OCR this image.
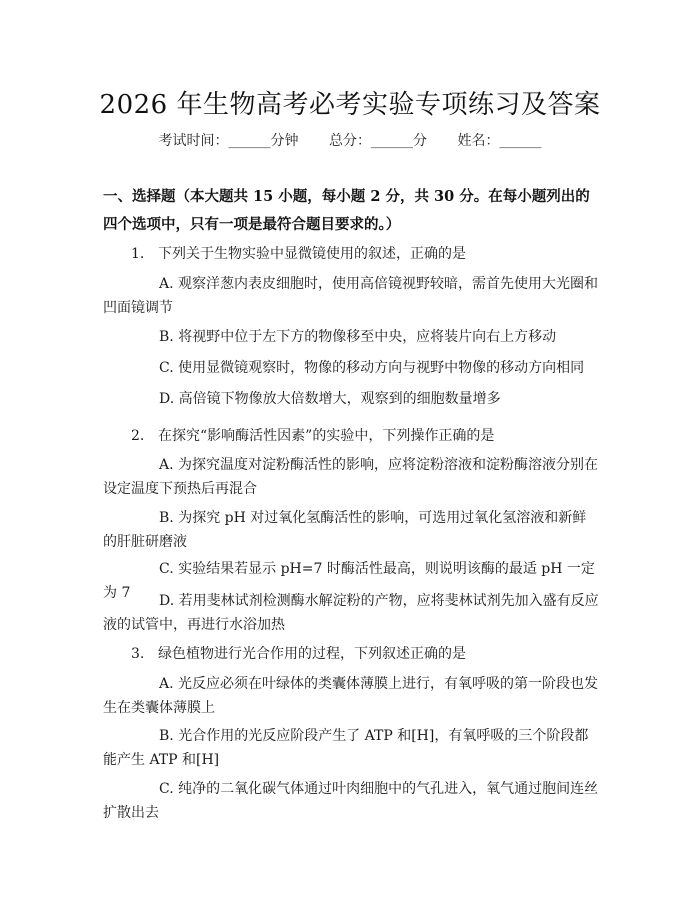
2026 年生物高考必考实验专项练习及答案
考试时间：______分钟 总分：______分 姓名：______
一、选择题（本大题共 15 小题，每小题 2 分，共 30 分。在每小题列出的四个选项中，只有一项是最符合题目要求的。）
1. 下列关于生物实验中显微镜使用的叙述，正确的是
A. 观察洋葱内表皮细胞时，使用高倍镜视野较暗，需首先使用大光圈和凹面镜调节
B. 将视野中位于左下方的物像移至中央，应将装片向右上方移动
C. 使用显微镜观察时，物像的移动方向与视野中物像的移动方向相同
D. 高倍镜下物像放大倍数增大，观察到的细胞数量增多
2. 在探究“影响酶活性因素”的实验中，下列操作正确的是
A. 为探究温度对淀粉酶活性的影响，应将淀粉溶液和淀粉酶溶液分别在设定温度下预热后再混合
B. 为探究 pH 对过氧化氢酶活性的影响，可选用过氧化氢溶液和新鲜的肝脏研磨液
C. 实验结果若显示 pH=7 时酶活性最高，则说明该酶的最适 pH 一定为 7	D. 若用斐林试剂检测酶水解淀粉的产物，应将斐林试剂先加入盛有反应液的试管中，再进行水浴加热
3. 绿色植物进行光合作用的过程，下列叙述正确的是
A. 光反应必须在叶绿体的类囊体薄膜上进行，有氧呼吸的第一阶段也发生在类囊体薄膜上
B. 光合作用的光反应阶段产生了 ATP 和[H]，有氧呼吸的三个阶段都能产生 ATP 和[H]
C. 纯净的二氧化碳气体通过叶肉细胞中的气孔进入，氧气通过胞间连丝扩散出去
